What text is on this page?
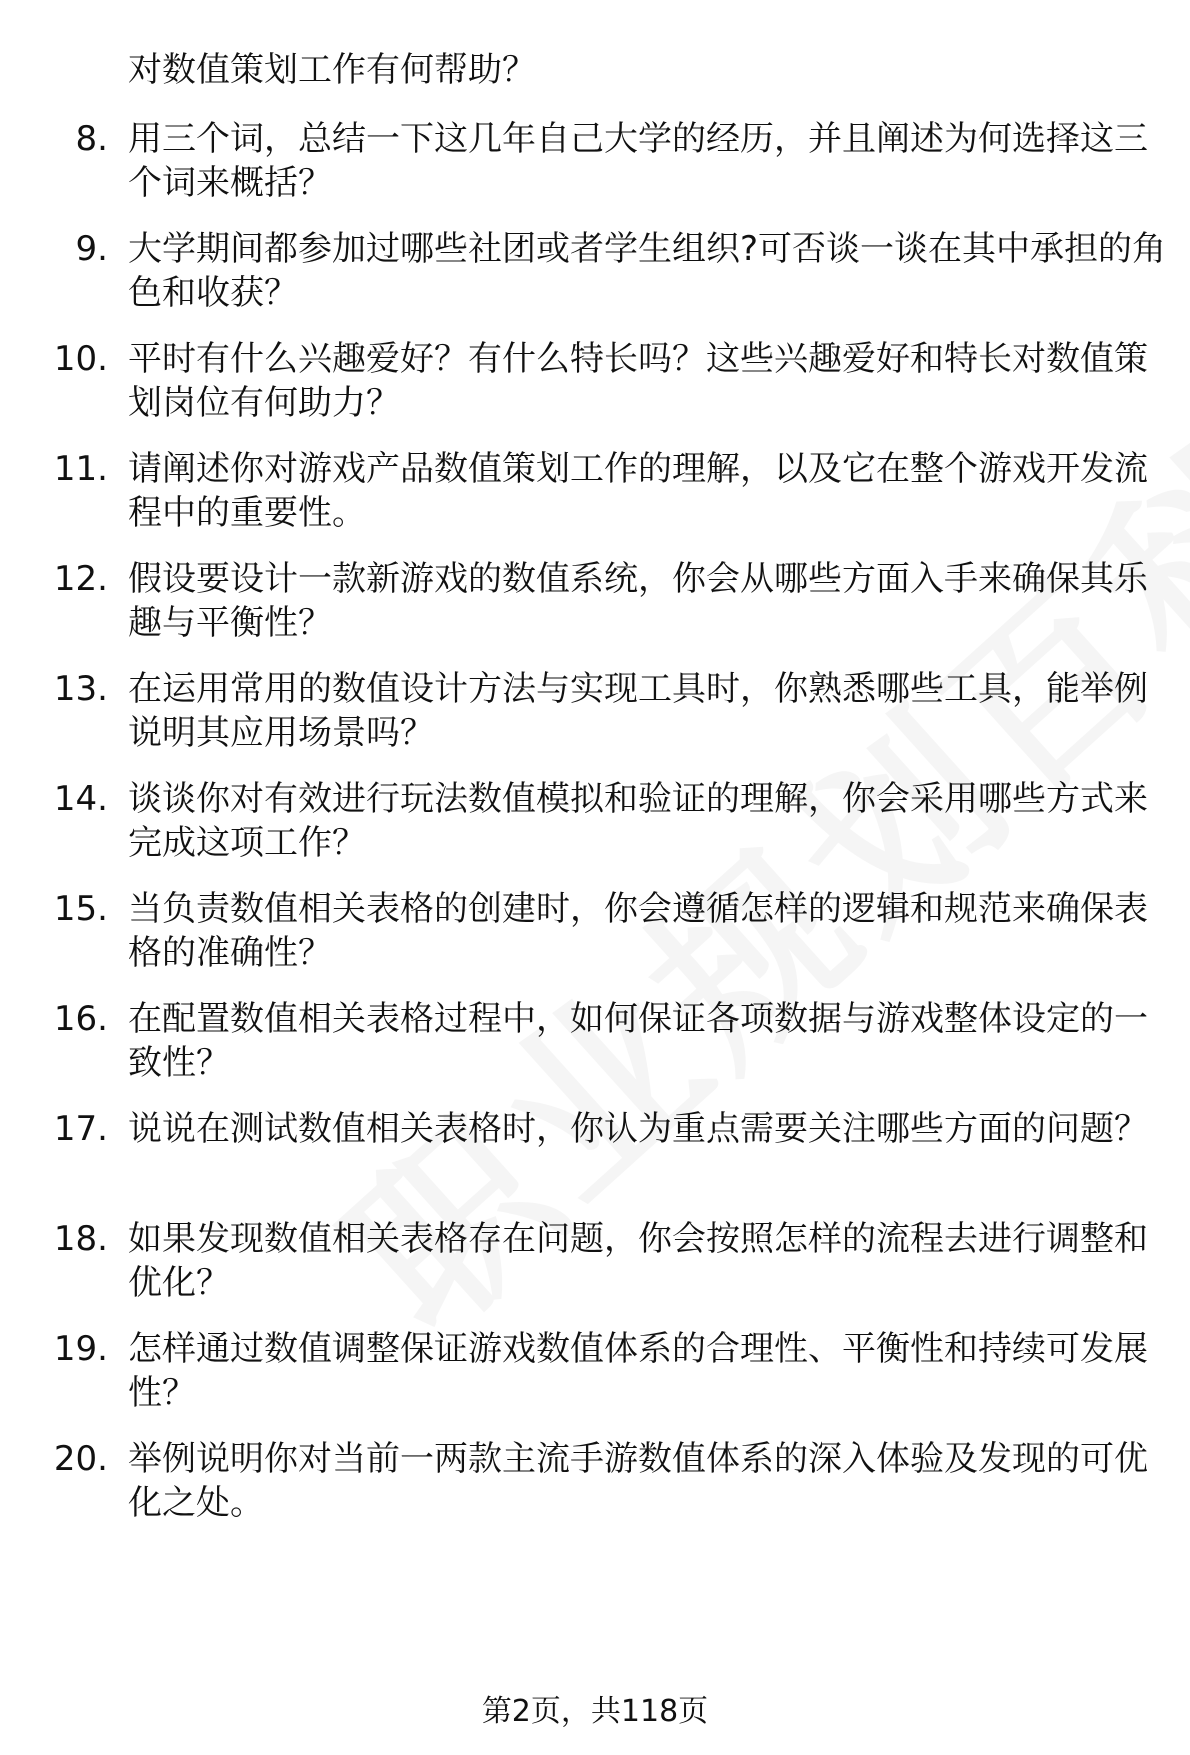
对数值策划工作有何帮助？
8. 用三个词，总结一下这几年自己大学的经历，并且阐述为何选择这三个词来概括？
9. 大学期间都参加过哪些社团或者学生组织?可否谈一谈在其中承担的角色和收获？
10. 平时有什么兴趣爱好？有什么特长吗？这些兴趣爱好和特长对数值策划岗位有何助力？
11. 请阐述你对游戏产品数值策划工作的理解，以及它在整个游戏开发流程中的重要性。
12. 假设要设计一款新游戏的数值系统，你会从哪些方面入手来确保其乐趣与平衡性？
13. 在运用常用的数值设计方法与实现工具时，你熟悉哪些工具，能举例说明其应用场景吗？
14. 谈谈你对有效进行玩法数值模拟和验证的理解，你会采用哪些方式来完成这项工作？
15. 当负责数值相关表格的创建时，你会遵循怎样的逻辑和规范来确保表格的准确性？
16. 在配置数值相关表格过程中，如何保证各项数据与游戏整体设定的一致性？
17. 说说在测试数值相关表格时，你认为重点需要关注哪些方面的问题？
18. 如果发现数值相关表格存在问题，你会按照怎样的流程去进行调整和优化？
19. 怎样通过数值调整保证游戏数值体系的合理性、平衡性和持续可发展性？
20. 举例说明你对当前一两款主流手游数值体系的深入体验及发现的可优化之处。
第2页，共118页
